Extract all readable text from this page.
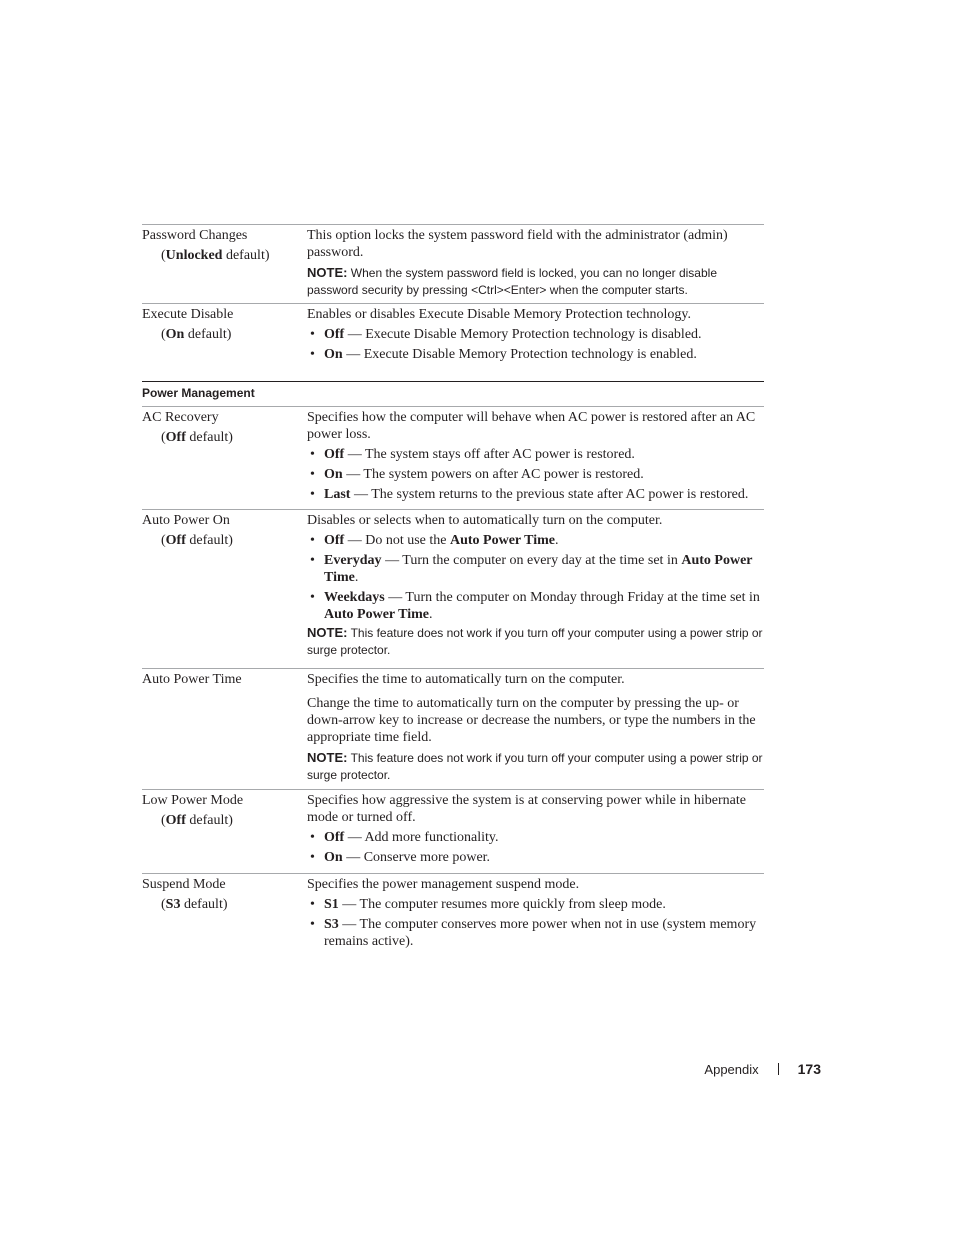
Password Changes
(Unlocked default)
This option locks the system password field with the administrator (admin) password.
NOTE: When the system password field is locked, you can no longer disable password security by pressing <Ctrl><Enter> when the computer starts.
Execute Disable
(On default)
Enables or disables Execute Disable Memory Protection technology.
• Off — Execute Disable Memory Protection technology is disabled.
• On — Execute Disable Memory Protection technology is enabled.
Power Management
AC Recovery
(Off default)
Specifies how the computer will behave when AC power is restored after an AC power loss.
• Off — The system stays off after AC power is restored.
• On — The system powers on after AC power is restored.
• Last — The system returns to the previous state after AC power is restored.
Auto Power On
(Off default)
Disables or selects when to automatically turn on the computer.
• Off — Do not use the Auto Power Time.
• Everyday — Turn the computer on every day at the time set in Auto Power Time.
• Weekdays — Turn the computer on Monday through Friday at the time set in Auto Power Time.
NOTE: This feature does not work if you turn off your computer using a power strip or surge protector.
Auto Power Time	Specifies the time to automatically turn on the computer.
Change the time to automatically turn on the computer by pressing the up- or down-arrow key to increase or decrease the numbers, or type the numbers in the appropriate time field.
NOTE: This feature does not work if you turn off your computer using a power strip or surge protector.
Low Power Mode
(Off default)
Specifies how aggressive the system is at conserving power while in hibernate mode or turned off.
• Off — Add more functionality.
• On — Conserve more power.
Suspend Mode
(S3 default)
Specifies the power management suspend mode.
• S1 — The computer resumes more quickly from sleep mode.
• S3 — The computer conserves more power when not in use (system memory remains active).
Appendix	173
